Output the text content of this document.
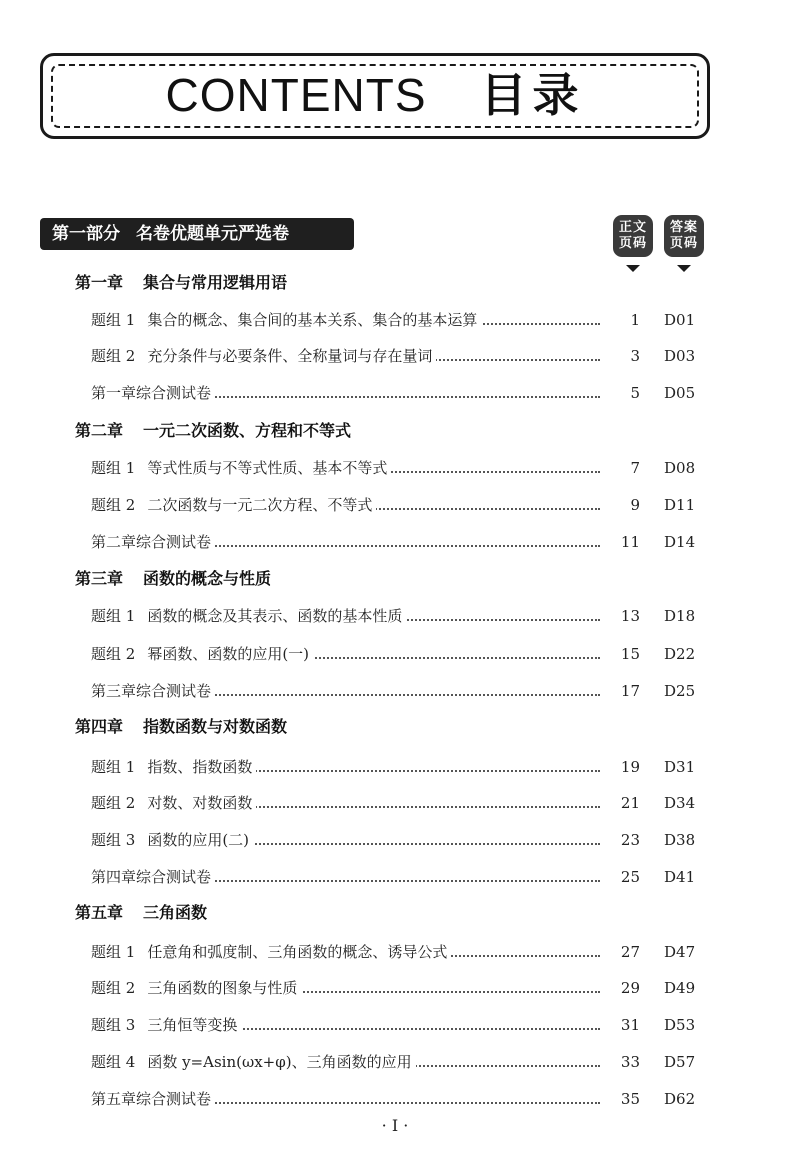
CONTENTS 目录
第一部分 名卷优题单元严选卷	正文
页码
答案
页码
第一章 集合与常用逻辑用语
题组 1 集合的概念、集合间的基本关系、集合的基本运算	1 D01
题组 2 充分条件与必要条件、全称量词与存在量词	3 D03
第一章综合测试卷	5 D05
第二章 一元二次函数、方程和不等式
题组 1 等式性质与不等式性质、基本不等式	7 D08
题组 2 二次函数与一元二次方程、不等式	9 D11
第二章综合测试卷	11 D14
第三章 函数的概念与性质
题组 1 函数的概念及其表示、函数的基本性质	13 D18
题组 2 幂函数、函数的应用(一)	15 D22
第三章综合测试卷	17 D25
第四章 指数函数与对数函数
题组 1 指数、指数函数	19 D31
题组 2 对数、对数函数	21 D34
题组 3 函数的应用(二)	23 D38
第四章综合测试卷	25 D41
第五章 三角函数
题组 1 任意角和弧度制、三角函数的概念、诱导公式	27 D47
题组 2 三角函数的图象与性质	29 D49
题组 3 三角恒等变换	31 D53
题组 4 函数 y=Asin(ωx+φ)、三角函数的应用	33 D57
第五章综合测试卷	35 D62
· I ·
